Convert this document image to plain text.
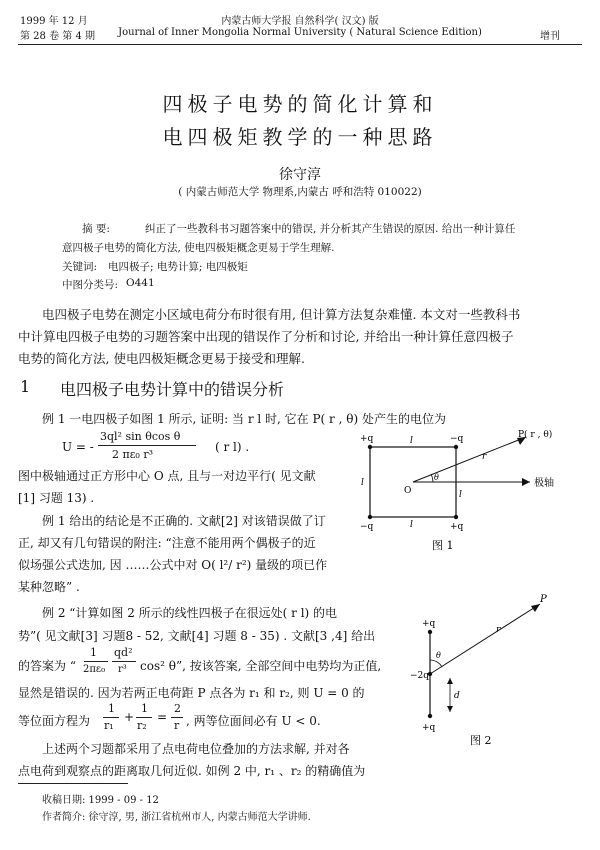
1999 年 12 月
第 28 卷 第 4 期
内蒙古师大学报 自然科学( 汉文) 版
Journal of Inner Mongolia Normal University ( Natural Science Edition)	增刊
四极子电势的简化计算和
电四极矩教学的一种思路
徐守淳
( 内蒙古师范大学 物理系,内蒙古 呼和浩特 010022)
摘 要:	纠正了一些教科书习题答案中的错误, 并分析其产生错误的原因. 给出一种计算任
意四极子电势的简化方法, 使电四极矩概念更易于学生理解.
关键词: 电四极子; 电势计算; 电四极矩
中图分类号: O441
电四极子电势在测定小区域电荷分布时很有用, 但计算方法复杂难懂. 本文对一些教科书
中计算电四极子电势的习题答案中出现的错误作了分析和讨论, 并给出一种计算任意四极子
电势的简化方法, 使电四极矩概念更易于接受和理解.
1 电四极子电势计算中的错误分析
例 1 一电四极子如图 1 所示, 证明: 当 r l 时, 它在 P( r , θ) 处产生的电位为
U = -
3ql² sin θcos θ
2 πε₀ r³
( r l) .
图中极轴通过正方形中心 O 点, 且与一对边平行( 见文献
[1] 习题 13) .
例 1 给出的结论是不正确的. 文献[2] 对该错误做了订
正, 却又有几句错误的附注: “注意不能用两个偶极子的近
似场强公式迭加, 因 ……公式中对 O( l²/ r²) 量级的项已作
某种忽略” .
例 2 “计算如图 2 所示的线性四极子在很远处( r l) 的电
势”( 见文献[3] 习题8 - 52, 文献[4] 习题 8 - 35) . 文献[3 ,4] 给出
的答案为 “
1
2πε₀
qd²
r³ cos² θ”, 按该答案, 全部空间中电势均为正值,
显然是错误的. 因为若两正电荷距 P 点各为 r₁ 和 r₂, 则 U = 0 的
等位面方程为
1
r₁
+
1
r₂
=
2
r , 两等位面间必有 U < 0.
上述两个习题都采用了点电荷电位叠加的方法求解, 并对各
点电荷到观察点的距离取几何近似. 如例 2 中, r₁ 、r₂ 的精确值为
+q	−q
−q	+q
l
l
l
l
O
θ
r
P( r , θ)
极轴
图 1
+q
−2q
+q
P
r
θ
d
图 2
收稿日期: 1999 - 09 - 12
作者简介: 徐守淳, 男, 浙江省杭州市人, 内蒙古师范大学讲师.
